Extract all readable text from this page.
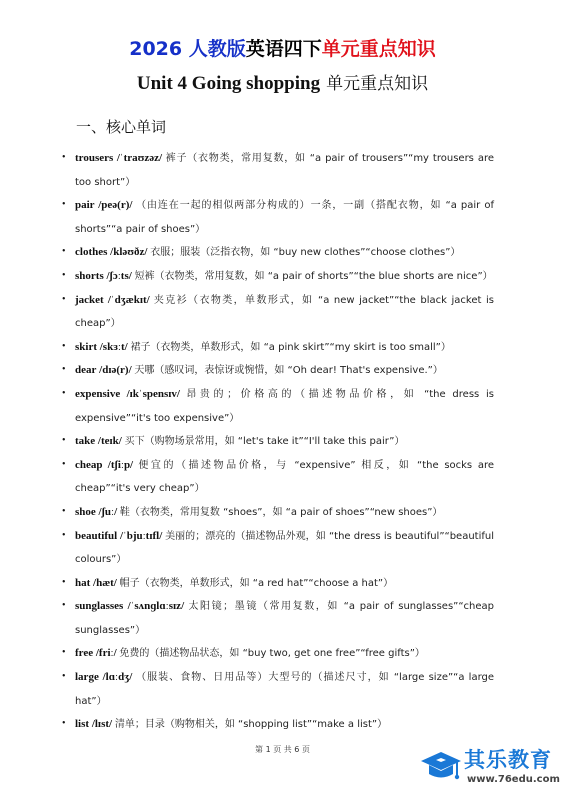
2026 人教版英语四下单元重点知识
Unit 4 Going shopping 单元重点知识
一、核心单词
• trousers /ˈtraʊzəz/ 裤子（衣物类，常用复数，如 “a pair of trousers”“my trousers are too short”）
• pair /peə(r)/ （由连在一起的相似两部分构成的）一条，一副（搭配衣物，如 “a pair of shorts”“a pair of shoes”）
• clothes /kləʊðz/ 衣服；服装（泛指衣物，如 “buy new clothes”“choose clothes”）
• shorts /ʃɔːts/ 短裤（衣物类，常用复数，如 “a pair of shorts”“the blue shorts are nice”）
• jacket /ˈdʒækɪt/ 夹克衫（衣物类，单数形式，如 “a new jacket”“the black jacket is cheap”）
• skirt /skɜːt/ 裙子（衣物类，单数形式，如 “a pink skirt”“my skirt is too small”）
• dear /dɪə(r)/ 天哪（感叹词，表惊讶或惋惜，如 “Oh dear! That's expensive.”）
• expensive /ɪkˈspensɪv/ 昂贵的；价格高的（描述物品价格，如 “the dress is expensive”“it's too expensive”）
• take /teɪk/ 买下（购物场景常用，如 “let's take it”“I'll take this pair”）
• cheap /tʃiːp/ 便宜的（描述物品价格，与 “expensive” 相反，如 “the socks are cheap”“it's very cheap”）
• shoe /ʃuː/ 鞋（衣物类，常用复数 “shoes”，如 “a pair of shoes”“new shoes”）
• beautiful /ˈbjuːtɪfl/ 美丽的；漂亮的（描述物品外观，如 “the dress is beautiful”“beautiful colours”）
• hat /hæt/ 帽子（衣物类，单数形式，如 “a red hat”“choose a hat”）
• sunglasses /ˈsʌnɡlɑːsɪz/ 太阳镜；墨镜（常用复数，如 “a pair of sunglasses”“cheap sunglasses”）
• free /friː/ 免费的（描述物品状态，如 “buy two, get one free”“free gifts”）
• large /lɑːdʒ/ （服装、食物、日用品等）大型号的（描述尺寸，如 “large size”“a large hat”）
• list /lɪst/ 清单；目录（购物相关，如 “shopping list”“make a list”）
第 1 页 共 6 页	其乐教育
www.76edu.com
